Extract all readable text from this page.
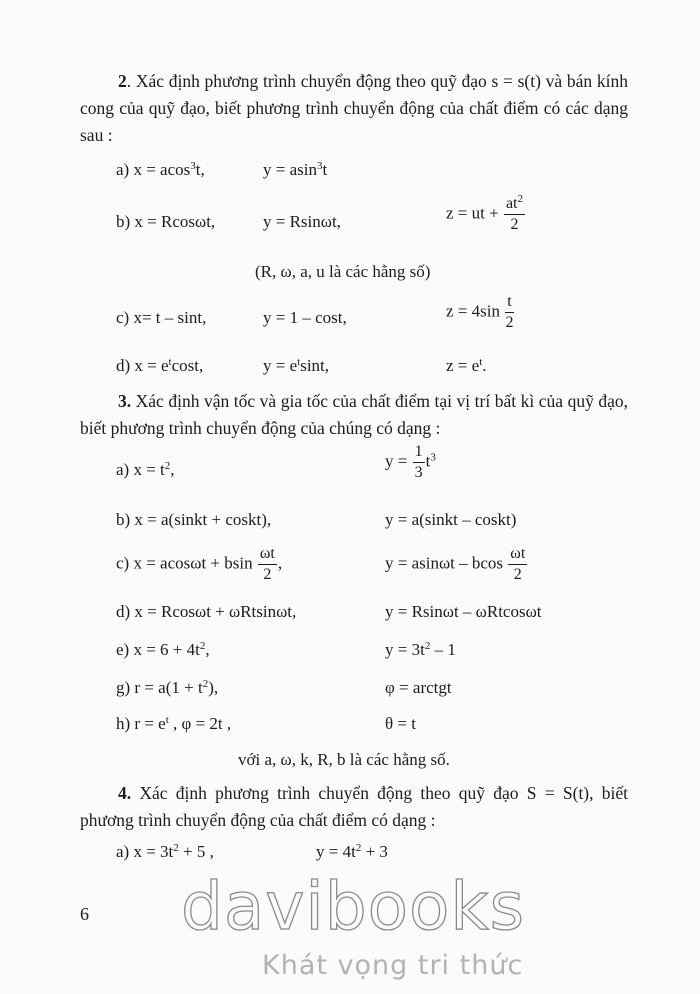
2. Xác định phương trình chuyển động theo quỹ đạo s = s(t) và bán kính cong của quỹ đạo, biết phương trình chuyển động của chất điểm có các dạng sau :
a) x = acos$^3$t,	y = asin$^3$t
b) x = Rcosωt,	y = Rsinωt,	z = ut + $\frac{at^2}{2}$
(R, ω, a, u là các hằng số)
c) x= t – sint,	y = 1 – cost,	$z = 4\sin \frac{t}{2}$
d) $x = e^t\cos t$,	$y = e^t\sin t$,	$z = e^t$.
3. Xác định vận tốc và gia tốc của chất điểm tại vị trí bất kì của quỹ đạo, biết phương trình chuyển động của chúng có dạng :
a) $x = t^2$,	$y = \frac{1}{3} t^3$
b) x = a(sinkt + coskt),	y = a(sinkt – coskt)
c) x = acosωt + bsin $\frac{\omega t}{2}$ ,	y = asinωt – bcos $\frac{\omega t}{2}$
d) x = Rcosωt + ωRtsinωt,	y = Rsinωt – ωRtcosωt
e) $x = 6 + 4t^2$,	$y = 3t^2 - 1$
g) $r = a(1 + t^2)$,	φ = arctgt
h) $r = e^t$ , φ = 2t ,	θ = t
với a, ω, k, R, b là các hằng số.
4. Xác định phương trình chuyển động theo quỹ đạo S = S(t), biết phương trình chuyển động của chất điểm có dạng :
a) $x = 3t^2 + 5$ ,	$y = 4t^2 + 3$
6	davibooks
Khát vọng tri thức
